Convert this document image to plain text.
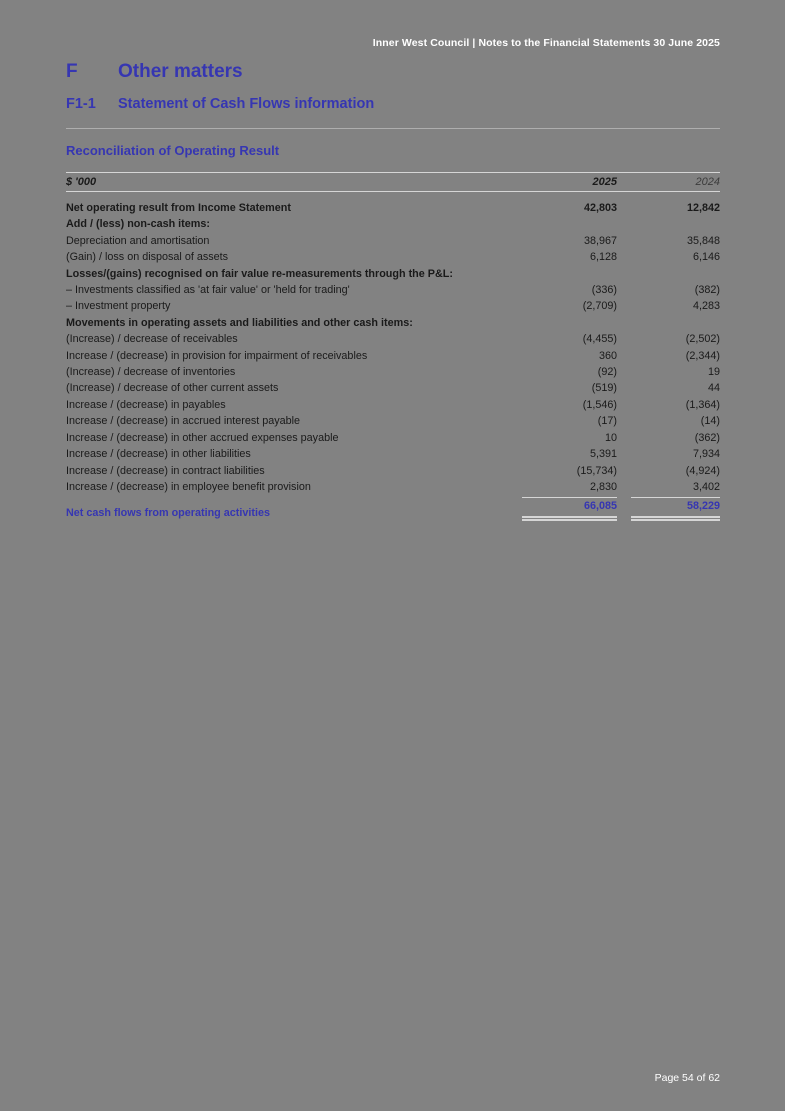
Inner West Council | Notes to the Financial Statements 30 June 2025
F	Other matters
F1-1	Statement of Cash Flows information
Reconciliation of Operating Result
$ '000	2025	2024
Net operating result from Income Statement	42,803	12,842

Add / (less) non-cash items:	

Depreciation and amortisation	38,967	35,848

(Gain) / loss on disposal of assets	6,128	6,146

Losses/(gains) recognised on fair value re-measurements through the P&L:	

– Investments classified as 'at fair value' or 'held for trading'	(336)	(382)

– Investment property	(2,709)	4,283

Movements in operating assets and liabilities and other cash items:	

(Increase) / decrease of receivables	(4,455)	(2,502)

Increase / (decrease) in provision for impairment of receivables	360	(2,344)

(Increase) / decrease of inventories	(92)	19

(Increase) / decrease of other current assets	(519)	44

Increase / (decrease) in payables	(1,546)	(1,364)

Increase / (decrease) in accrued interest payable	(17)	(14)

Increase / (decrease) in other accrued expenses payable	10	(362)

Increase / (decrease) in other liabilities	5,391	7,934

Increase / (decrease) in contract liabilities	(15,734)	(4,924)

Increase / (decrease) in employee benefit provision	2,830	3,402

Net cash flows from operating activities	66,085	58,229
Page 54 of 62
